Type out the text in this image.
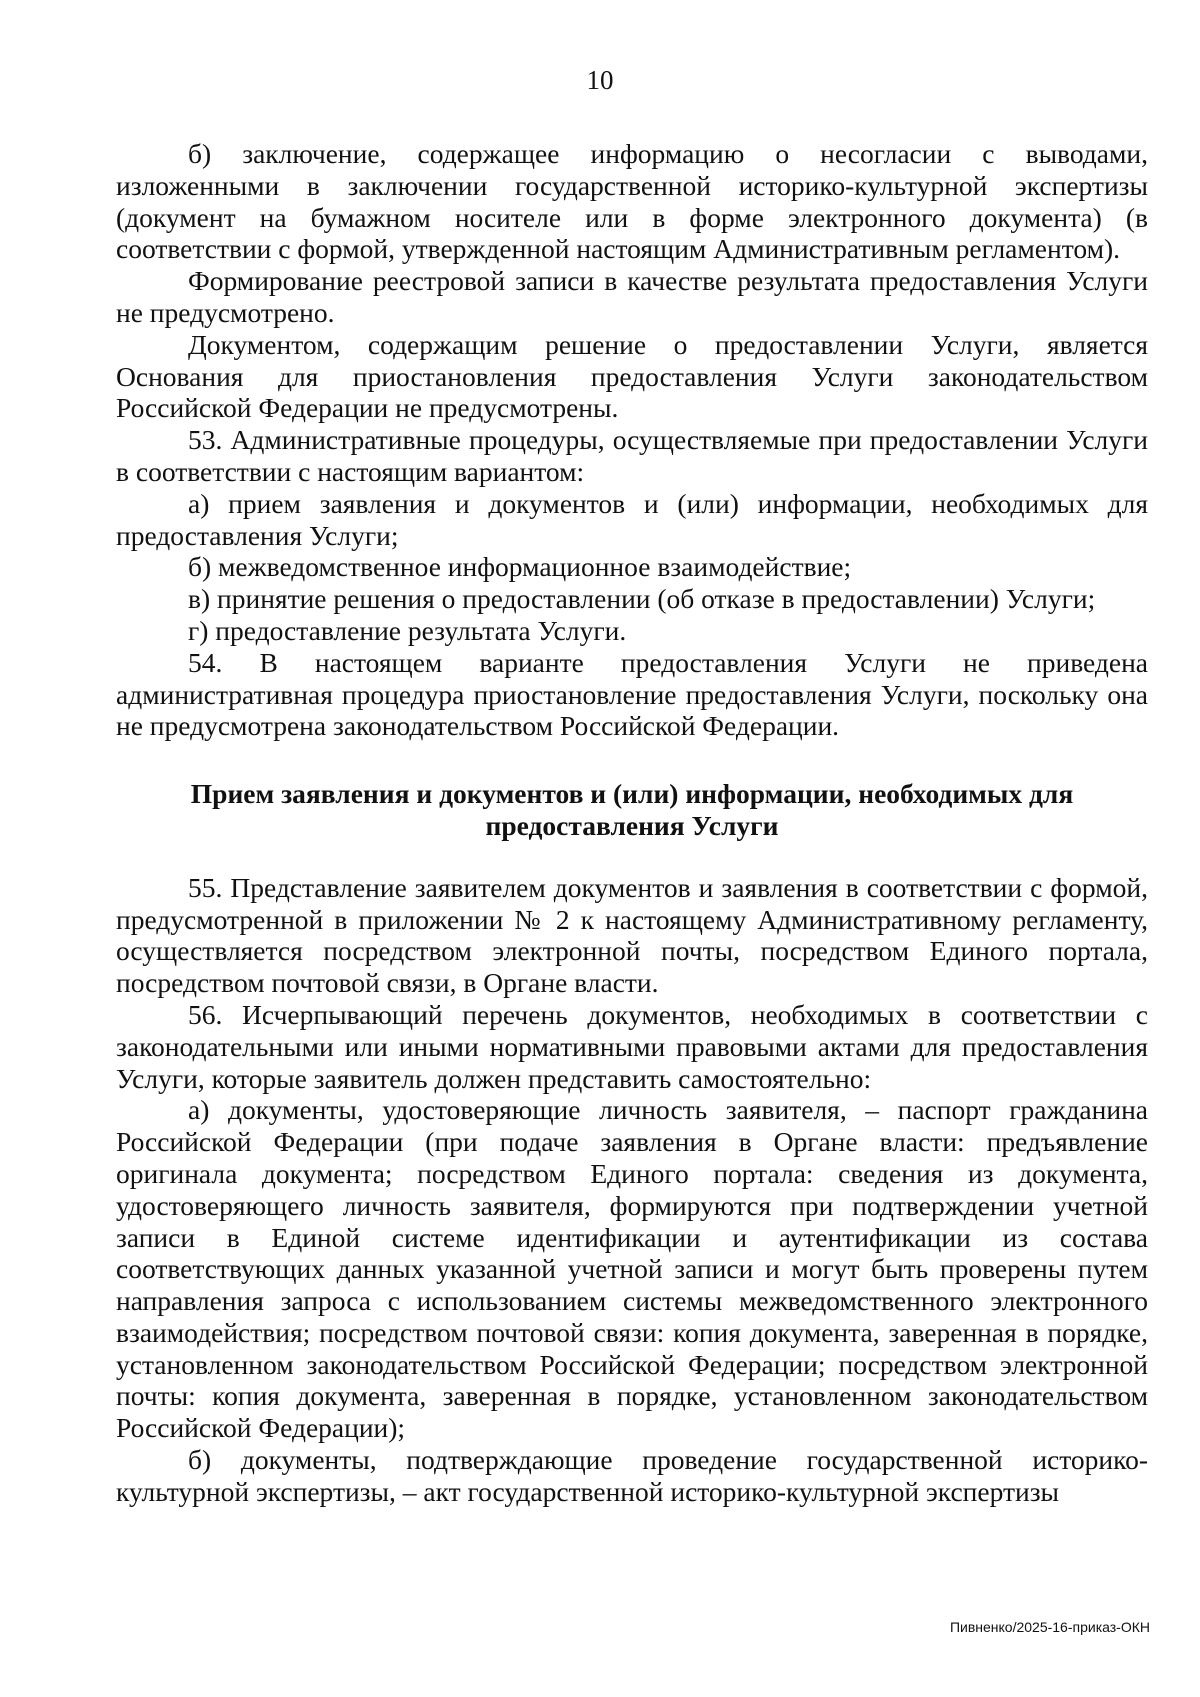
10

б) заключение, содержащее информацию о несогласии с выводами, изложенными в заключении государственной историко-культурной экспертизы (документ на бумажном носителе или в форме электронного документа) (в соответствии с формой, утвержденной настоящим Административным регламентом).

Формирование реестровой записи в качестве результата предоставления Услуги не предусмотрено.

Документом, содержащим решение о предоставлении Услуги, является Основания для приостановления предоставления Услуги законодательством Российской Федерации не предусмотрены.

53. Административные процедуры, осуществляемые при предоставлении Услуги в соответствии с настоящим вариантом:

а) прием заявления и документов и (или) информации, необходимых для предоставления Услуги;

б) межведомственное информационное взаимодействие;

в) принятие решения о предоставлении (об отказе в предоставлении) Услуги;

г) предоставление результата Услуги.

54. В настоящем варианте предоставления Услуги не приведена административная процедура приостановление предоставления Услуги, поскольку она не предусмотрена законодательством Российской Федерации.

Прием заявления и документов и (или) информации, необходимых для
предоставления Услуги

55. Представление заявителем документов и заявления в соответствии с формой, предусмотренной в приложении № 2 к настоящему Административному регламенту, осуществляется посредством электронной почты, посредством Единого портала, посредством почтовой связи, в Органе власти.

56. Исчерпывающий перечень документов, необходимых в соответствии с законодательными или иными нормативными правовыми актами для предоставления Услуги, которые заявитель должен представить самостоятельно:

а) документы, удостоверяющие личность заявителя, – паспорт гражданина Российской Федерации (при подаче заявления в Органе власти: предъявление оригинала документа; посредством Единого портала: сведения из документа, удостоверяющего личность заявителя, формируются при подтверждении учетной записи в Единой системе идентификации и аутентификации из состава соответствующих данных указанной учетной записи и могут быть проверены путем направления запроса с использованием системы межведомственного электронного взаимодействия; посредством почтовой связи: копия документа, заверенная в порядке, установленном законодательством Российской Федерации; посредством электронной почты: копия документа, заверенная в порядке, установленном законодательством Российской Федерации);

б) документы, подтверждающие проведение государственной историко-культурной экспертизы, – акт государственной историко-культурной экспертизы

Пивненко/2025-16-приказ-ОКН
